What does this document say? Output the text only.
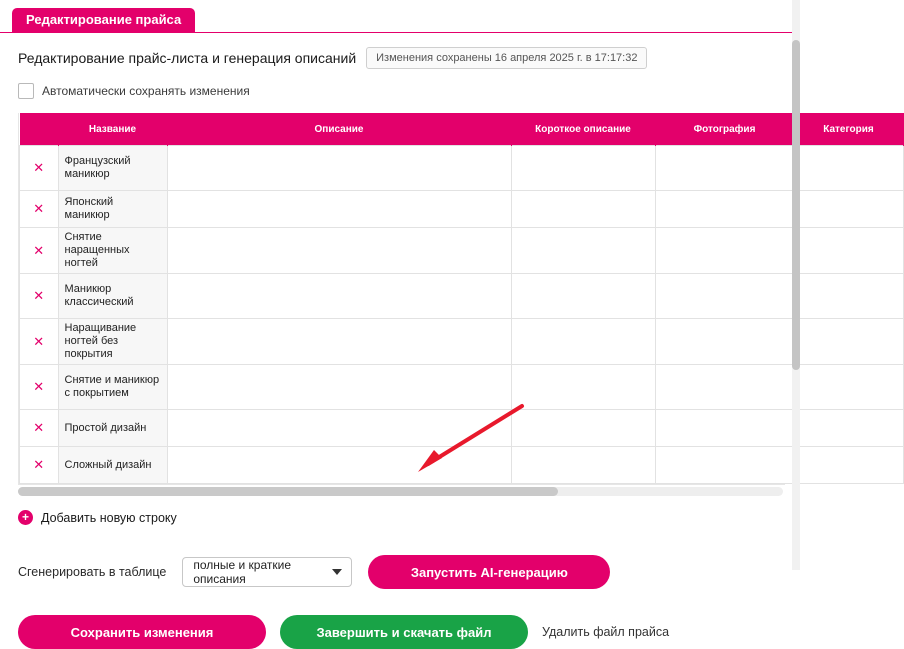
Редактирование прайса
Редактирование прайс-листа и генерация описаний	Изменения сохранены 16 апреля 2025 г. в 17:17:32
Автоматически сохранять изменения
	Название	Описание	Короткое описание	Фотография	Категория
✕	Французский маникюр				
✕	Японский маникюр				
✕	Снятие наращенных ногтей				
✕	Маникюр классический				
✕	Наращивание ногтей без покрытия				
✕	Снятие и маникюр с покрытием				
✕	Простой дизайн				
✕	Сложный дизайн				
+ Добавить новую строку
Сгенерировать в таблице полные и краткие описания	Запустить AI-генерацию
Сохранить изменения	Завершить и скачать файл	Удалить файл прайса
